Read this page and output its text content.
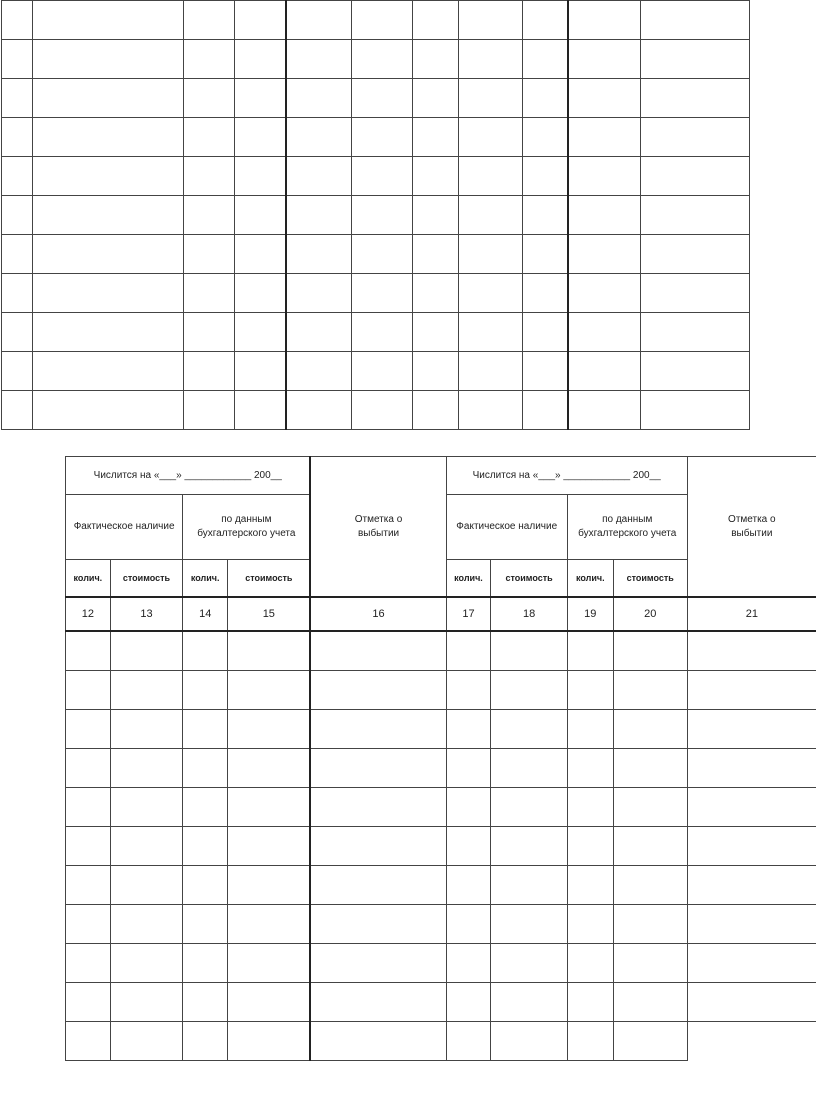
Числится на «___» ____________ 200__				Отметка о выбытии	Числится на «___» ____________ 200__				Отметка о выбытии

Фактическое наличие		по данным бухгалтерского учета			Фактическое наличие		по данным бухгалтерского учета		

колич.	стоимость	колич.	стоимость		колич.	стоимость	колич.	стоимость	
12	13	14	15	16	17	18	19	20	21
